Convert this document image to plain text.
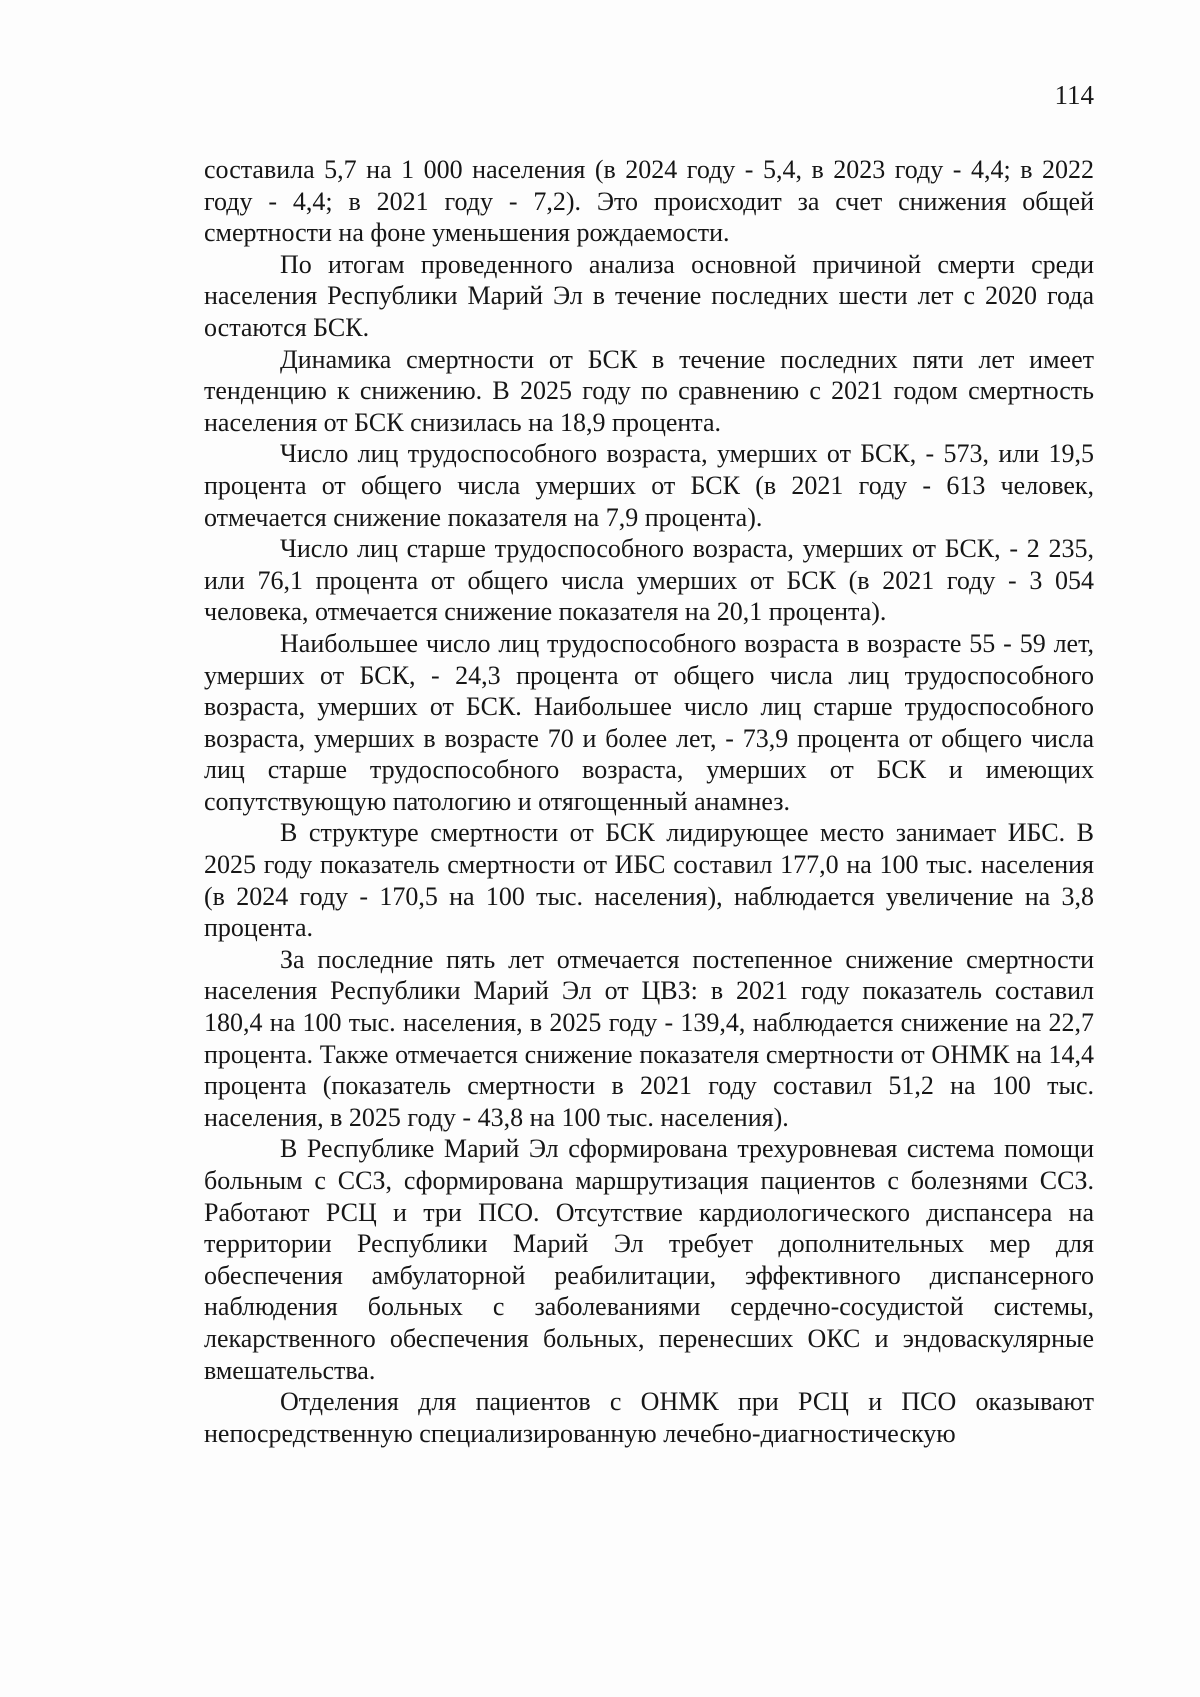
114

составила 5,7 на 1 000 населения (в 2024 году - 5,4, в 2023 году - 4,4; в 2022 году - 4,4; в 2021 году - 7,2). Это происходит за счет снижения общей смертности на фоне уменьшения рождаемости.

По итогам проведенного анализа основной причиной смерти среди населения Республики Марий Эл в течение последних шести лет с 2020 года остаются БСК.

Динамика смертности от БСК в течение последних пяти лет имеет тенденцию к снижению. В 2025 году по сравнению с 2021 годом смертность населения от БСК снизилась на 18,9 процента.

Число лиц трудоспособного возраста, умерших от БСК, - 573, или 19,5 процента от общего числа умерших от БСК (в 2021 году - 613 человек, отмечается снижение показателя на 7,9 процента).

Число лиц старше трудоспособного возраста, умерших от БСК, - 2 235, или 76,1 процента от общего числа умерших от БСК (в 2021 году - 3 054 человека, отмечается снижение показателя на 20,1 процента).

Наибольшее число лиц трудоспособного возраста в возрасте 55 - 59 лет, умерших от БСК, - 24,3 процента от общего числа лиц трудоспособного возраста, умерших от БСК. Наибольшее число лиц старше трудоспособного возраста, умерших в возрасте 70 и более лет, - 73,9 процента от общего числа лиц старше трудоспособного возраста, умерших от БСК и имеющих сопутствующую патологию и отягощенный анамнез.

В структуре смертности от БСК лидирующее место занимает ИБС. В 2025 году показатель смертности от ИБС составил 177,0 на 100 тыс. населения (в 2024 году - 170,5 на 100 тыс. населения), наблюдается увеличение на 3,8 процента.

За последние пять лет отмечается постепенное снижение смертности населения Республики Марий Эл от ЦВЗ: в 2021 году показатель составил 180,4 на 100 тыс. населения, в 2025 году - 139,4, наблюдается снижение на 22,7 процента. Также отмечается снижение показателя смертности от ОНМК на 14,4 процента (показатель смертности в 2021 году составил 51,2 на 100 тыс. населения, в 2025 году - 43,8 на 100 тыс. населения).

В Республике Марий Эл сформирована трехуровневая система помощи больным с ССЗ, сформирована маршрутизация пациентов с болезнями ССЗ. Работают РСЦ и три ПСО. Отсутствие кардиологического диспансера на территории Республики Марий Эл требует дополнительных мер для обеспечения амбулаторной реабилитации, эффективного диспансерного наблюдения больных с заболеваниями сердечно-сосудистой системы, лекарственного обеспечения больных, перенесших ОКС и эндоваскулярные вмешательства.

Отделения для пациентов с ОНМК при РСЦ и ПСО оказывают непосредственную специализированную лечебно-диагностическую
